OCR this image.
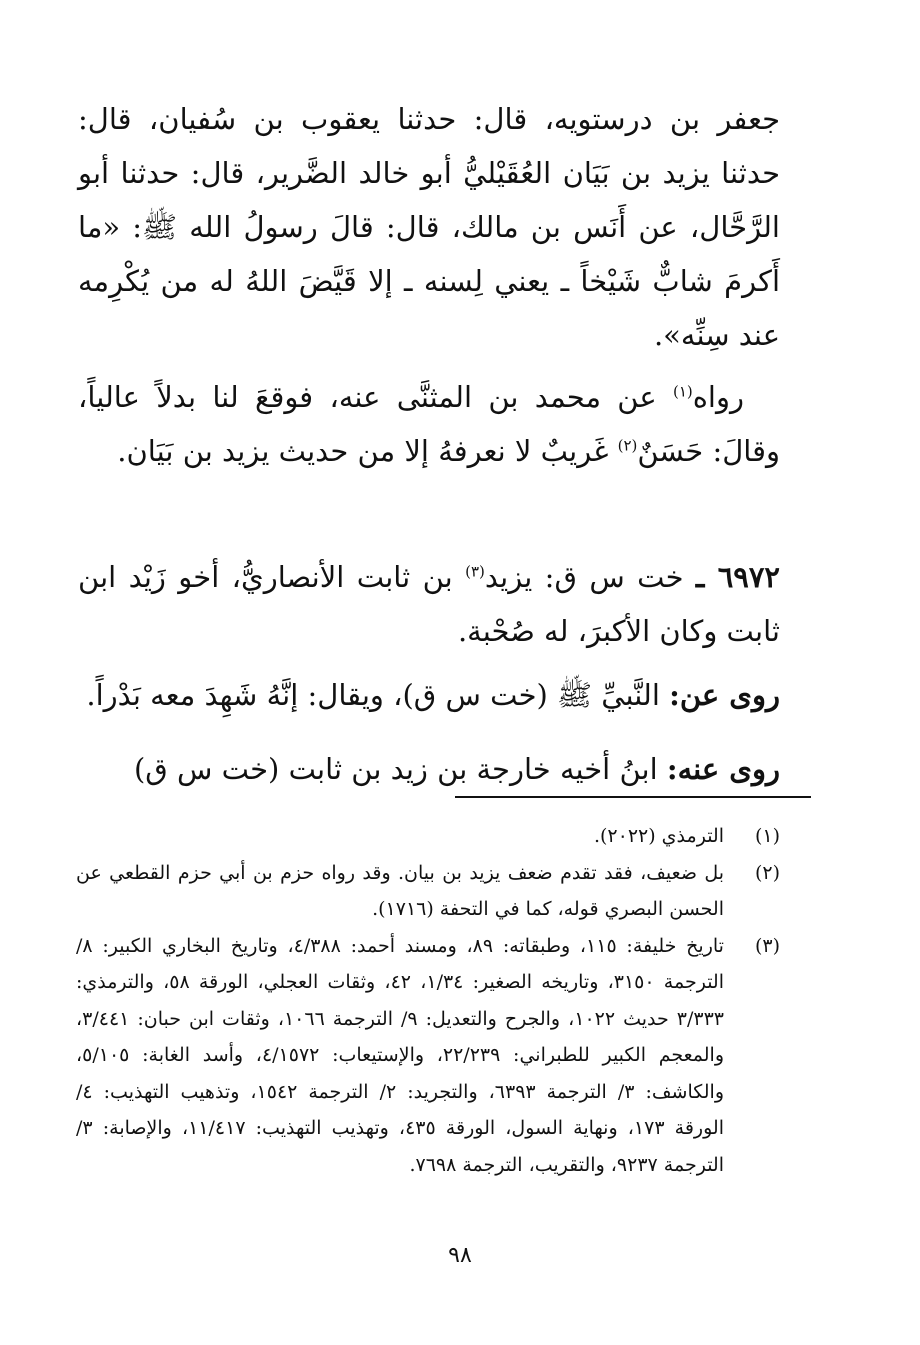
جعفر بن درستويه، قال: حدثنا يعقوب بن سُفيان، قال: حدثنا يزيد بن بَيَان العُقَيْليُّ أبو خالد الضَّرير، قال: حدثنا أبو الرَّحَّال، عن أَنَس بن مالك، قال: قالَ رسولُ الله ﷺ: «ما أَكرمَ شابٌّ شَيْخاً ـ يعني لِسنه ـ إلا قَيَّضَ اللهُ له من يُكْرِمه عند سِنِّه».

رواه$^{(١)}$ عن محمد بن المثنَّى عنه، فوقعَ لنا بدلاً عالياً، وقالَ: حَسَنٌ$^{(٢)}$ غَريبٌ لا نعرفهُ إلا من حديث يزيد بن بَيَان.

٦٩٧٢ ـ خت س ق: يزيد$^{(٣)}$ بن ثابت الأنصاريُّ، أخو زَيْد ابن ثابت وكان الأكبرَ، له صُحْبة.

روى عن: النَّبيِّ ﷺ (خت س ق)، ويقال: إنَّهُ شَهِدَ معه بَدْراً.

روى عنه: ابنُ أخيه خارجة بن زيد بن ثابت (خت س ق)

(١)
الترمذي (٢٠٢٢).
(٢)
بل ضعيف، فقد تقدم ضعف يزيد بن بيان. وقد رواه حزم بن أبي حزم القطعي عن الحسن البصري قوله، كما في التحفة (١٧١٦).
(٣)
تاريخ خليفة: ١١٥، وطبقاته: ٨٩، ومسند أحمد: ٤/٣٨٨، وتاريخ البخاري الكبير: ٨/ الترجمة ٣١٥٠، وتاريخه الصغير: ١/٣٤، ٤٢، وثقات العجلي، الورقة ٥٨، والترمذي: ٣/٣٣٣ حديث ١٠٢٢، والجرح والتعديل: ٩/ الترجمة ١٠٦٦، وثقات ابن حبان: ٣/٤٤١، والمعجم الكبير للطبراني: ٢٢/٢٣٩، والإستيعاب: ٤/١٥٧٢، وأسد الغابة: ٥/١٠٥، والكاشف: ٣/ الترجمة ٦٣٩٣، والتجريد: ٢/ الترجمة ١٥٤٢، وتذهيب التهذيب: ٤/ الورقة ١٧٣، ونهاية السول، الورقة ٤٣٥، وتهذيب التهذيب: ١١/٤١٧، والإصابة: ٣/ الترجمة ٩٢٣٧، والتقريب، الترجمة ٧٦٩٨.
٩٨
